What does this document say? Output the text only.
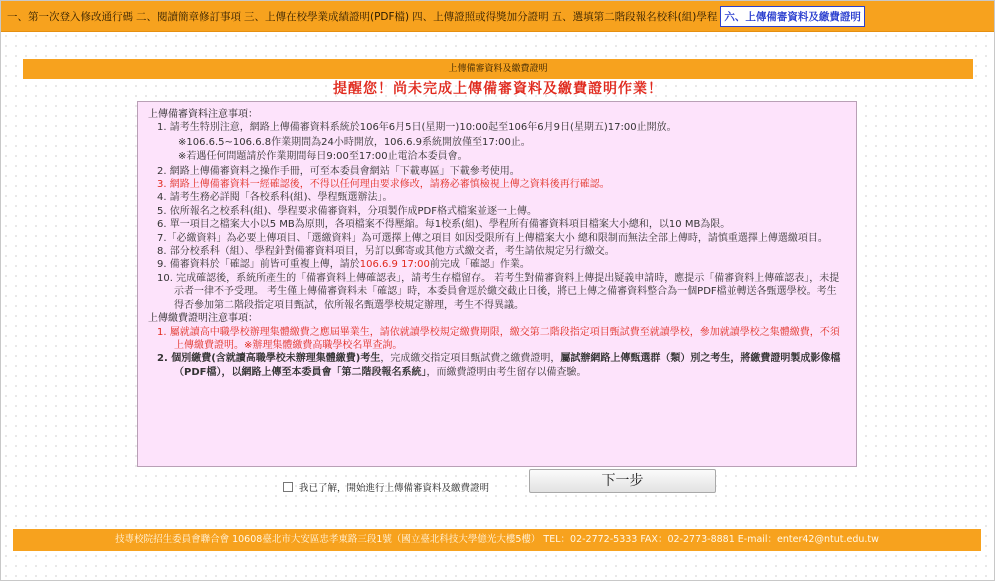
一、第一次登入修改通行碼 二、閱讀簡章修訂事項 三、上傳在校學業成績證明(PDF檔) 四、上傳證照或得獎加分證明 五、選填第二階段報名校科(組)學程 六、上傳備審資料及繳費證明
上傳備審資料及繳費證明
提醒您！尚未完成上傳備審資料及繳費證明作業！
上傳備審資料注意事項：

1. 請考生特別注意，網路上傳備審資料系統於106年6月5日(星期一)10:00起至106年6月9日(星期五)17:00止開放。

※106.6.5~106.6.8作業期間為24小時開放，106.6.9系統開放僅至17:00止。

※若遇任何問題請於作業期間每日9:00至17:00止電洽本委員會。

2. 網路上傳備審資料之操作手冊，可至本委員會網站「下載專區」下載參考使用。

3. 網路上傳備審資料一經確認後，不得以任何理由要求修改，請務必審慎檢視上傳之資料後再行確認。

4. 請考生務必詳閱「各校系科(組)、學程甄選辦法」。

5. 依所報名之校系科(組)、學程要求備審資料，分項製作成PDF格式檔案並逐一上傳。

6. 單一項目之檔案大小以5 MB為原則，各項檔案不得壓縮。每1校系(組)、學程所有備審資料項目檔案大小總和，以10 MB為限。

7.「必繳資料」為必要上傳項目、「選繳資料」為可選擇上傳之項目 如因受限所有上傳檔案大小 總和限制而無法全部上傳時，請慎重選擇上傳選繳項目。

8. 部分校系科（組）、學程針對備審資料項目，另訂以郵寄或其他方式繳交者，考生請依規定另行繳交。

9. 備審資料於「確認」前皆可重複上傳，請於106.6.9 17:00前完成「確認」作業。

10. 完成確認後，系統所產生的「備審資料上傳確認表」，請考生存檔留存。 若考生對備審資料上傳提出疑義申請時，應提示「備審資料上傳確認表」，未提示者一律不予受理。 考生僅上傳備審資料未「確認」時，本委員會逕於繳交截止日後，將已上傳之備審資料整合為一個PDF檔並轉送各甄選學校。考生得否參加第二階段指定項目甄試，依所報名甄選學校規定辦理，考生不得異議。

上傳繳費證明注意事項：

1. 屬就讀高中職學校辦理集體繳費之應屆畢業生，請依就讀學校規定繳費期限，繳交第二階段指定項目甄試費至就讀學校，參加就讀學校之集體繳費，不須上傳繳費證明。※辦理集體繳費高職學校名單查詢。

2. 個別繳費(含就讀高職學校未辦理集體繳費)考生，完成繳交指定項目甄試費之繳費證明，屬試辦網路上傳甄選群（類）別之考生，將繳費證明製成影像檔（PDF檔），以網路上傳至本委員會「第二階段報名系統」，而繳費證明由考生留存以備查驗。

我已了解，開始進行上傳備審資料及繳費證明	下一步
技專校院招生委員會聯合會 10608臺北市大安區忠孝東路三段1號（國立臺北科技大學億光大樓5樓） TEL：02-2772-5333 FAX：02-2773-8881 E-mail：enter42@ntut.edu.tw
